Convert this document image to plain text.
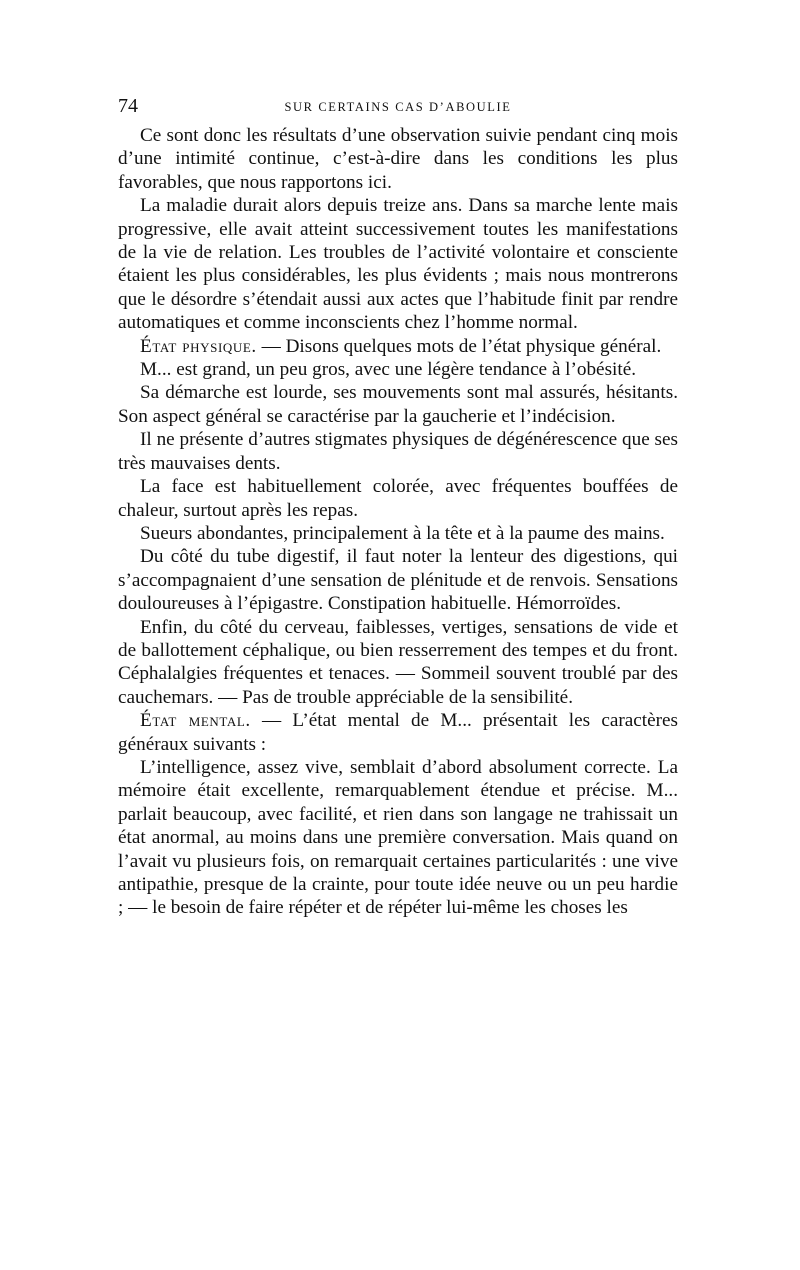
74	SUR CERTAINS CAS D’ABOULIE

Ce sont donc les résultats d’une observation suivie pendant cinq mois d’une intimité continue, c’est-à-dire dans les conditions les plus favorables, que nous rapportons ici.

La maladie durait alors depuis treize ans. Dans sa marche lente mais progressive, elle avait atteint successivement toutes les manifestations de la vie de relation. Les troubles de l’activité volontaire et consciente étaient les plus considérables, les plus évidents ; mais nous montrerons que le désordre s’étendait aussi aux actes que l’habitude finit par rendre automatiques et comme inconscients chez l’homme normal.

État physique. — Disons quelques mots de l’état physique général.

M... est grand, un peu gros, avec une légère tendance à l’obésité.

Sa démarche est lourde, ses mouvements sont mal assurés, hésitants. Son aspect général se caractérise par la gaucherie et l’indécision.

Il ne présente d’autres stigmates physiques de dégénérescence que ses très mauvaises dents.

La face est habituellement colorée, avec fréquentes bouffées de chaleur, surtout après les repas.

Sueurs abondantes, principalement à la tête et à la paume des mains.

Du côté du tube digestif, il faut noter la lenteur des digestions, qui s’accompagnaient d’une sensation de plénitude et de renvois. Sensations douloureuses à l’épigastre. Constipation habituelle. Hémorroïdes.

Enfin, du côté du cerveau, faiblesses, vertiges, sensations de vide et de ballottement céphalique, ou bien resserrement des tempes et du front. Céphalalgies fréquentes et tenaces. — Sommeil souvent troublé par des cauchemars. — Pas de trouble appréciable de la sensibilité.

État mental. — L’état mental de M... présentait les caractères généraux suivants :

L’intelligence, assez vive, semblait d’abord absolument correcte. La mémoire était excellente, remarquablement étendue et précise. M... parlait beaucoup, avec facilité, et rien dans son langage ne trahissait un état anormal, au moins dans une première conversation. Mais quand on l’avait vu plusieurs fois, on remarquait certaines particularités : une vive antipathie, presque de la crainte, pour toute idée neuve ou un peu hardie ; — le besoin de faire répéter et de répéter lui-même les choses les
